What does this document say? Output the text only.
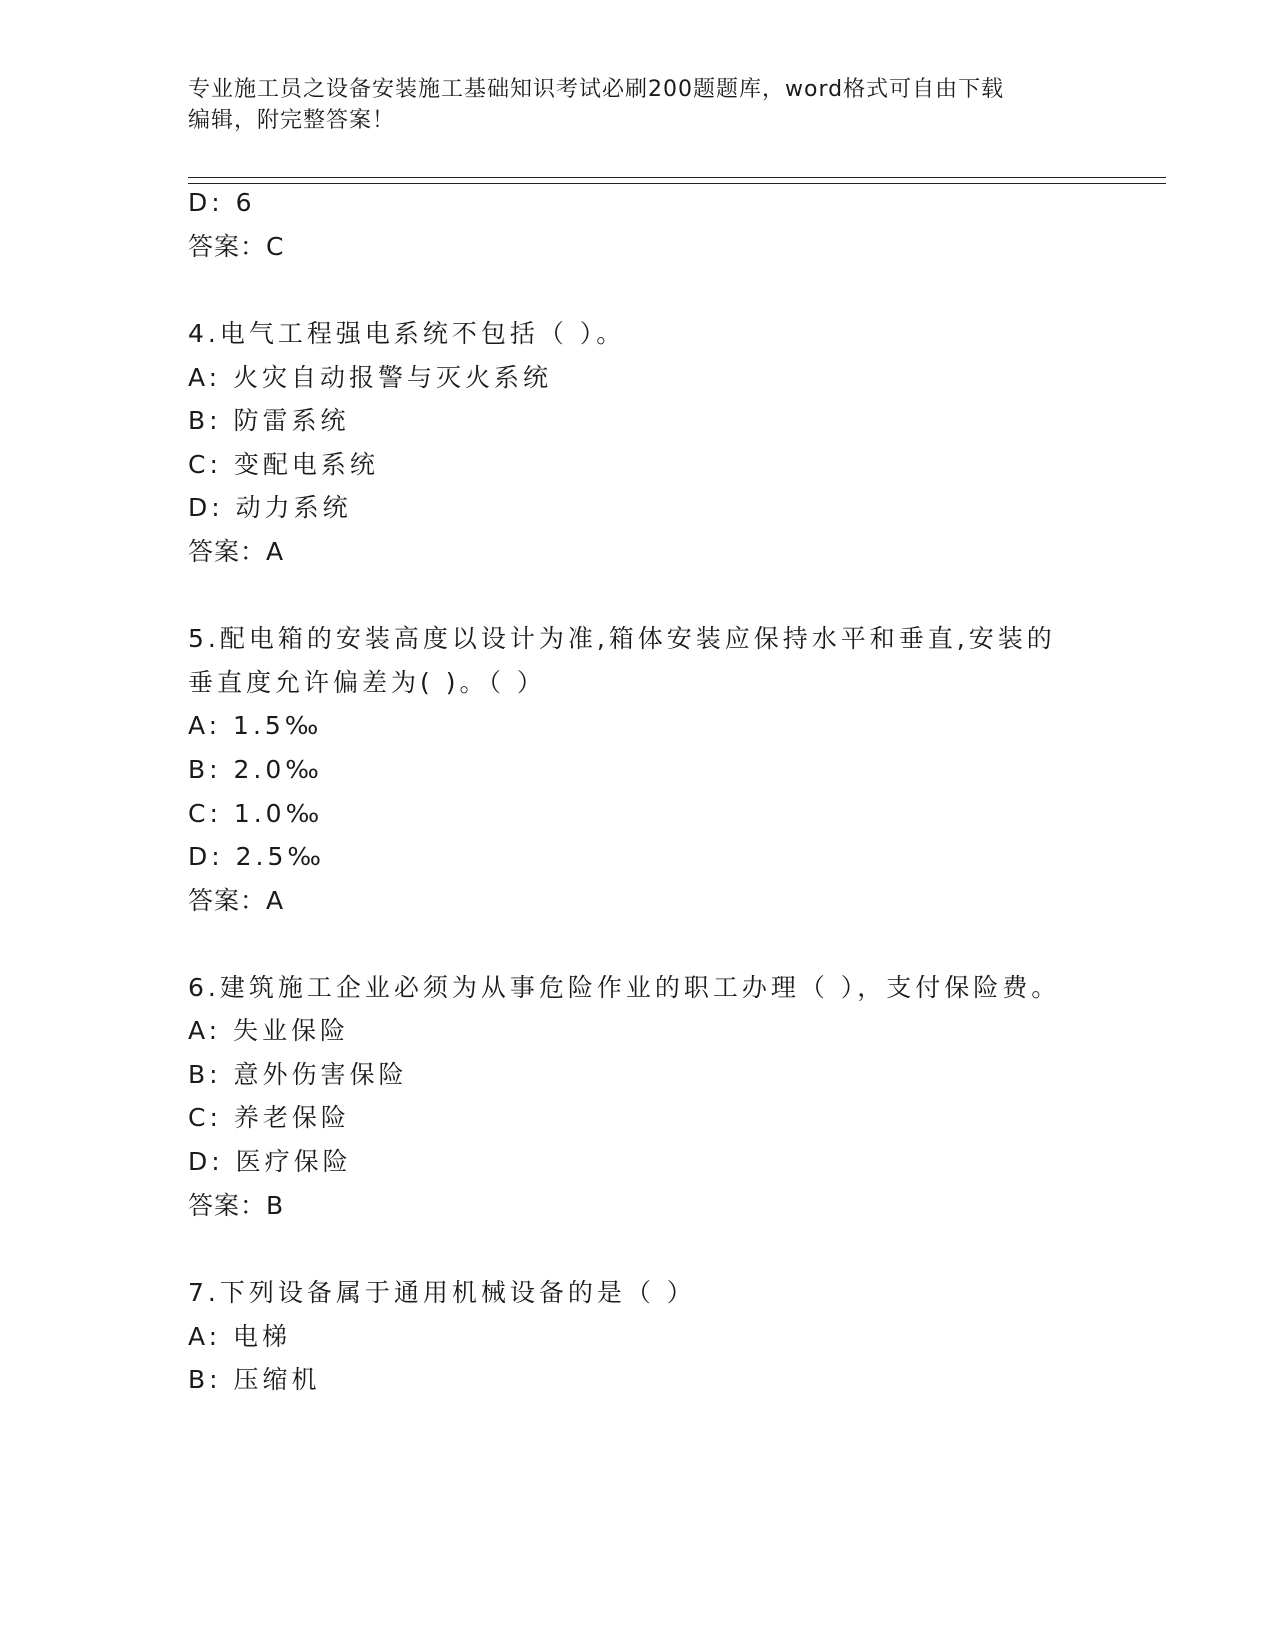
专业施工员之设备安装施工基础知识考试必刷200题题库，word格式可自由下载
编辑，附完整答案！
D: 6
答案：C
4.电气工程强电系统不包括（ ）。
A: 火灾自动报警与灭火系统
B: 防雷系统
C: 变配电系统
D: 动力系统
答案：A
5.配电箱的安装高度以设计为准,箱体安装应保持水平和垂直,安装的
垂直度允许偏差为( )。（ ）
A: 1.5‰
B: 2.0‰
C: 1.0‰
D: 2.5‰
答案：A
6.建筑施工企业必须为从事危险作业的职工办理（ ），支付保险费。
A: 失业保险
B: 意外伤害保险
C: 养老保险
D: 医疗保险
答案：B
7.下列设备属于通用机械设备的是（ ）
A: 电梯
B: 压缩机
